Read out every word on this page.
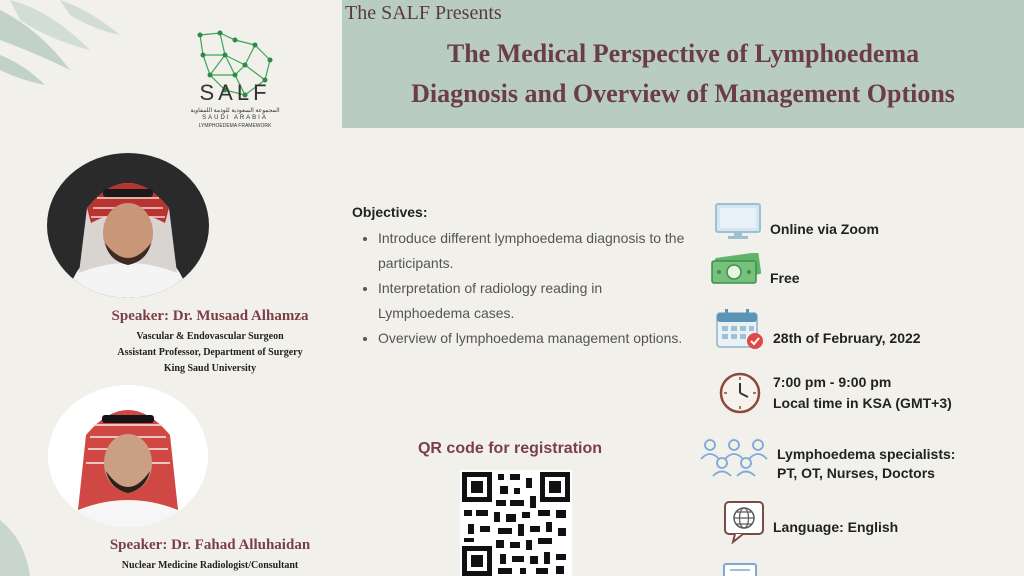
The SALF Presents
The Medical Perspective of Lymphoedema
Diagnosis and Overview of Management Options
SALF
المجموعة السعودية للوذمة اللمفاوية
SAUDI ARABIA
LYMPHOEDEMA FRAMEWORK
Speaker: Dr. Musaad Alhamza
Vascular & Endovascular Surgeon
Assistant Professor, Department of Surgery
King Saud University
Speaker: Dr. Fahad Alluhaidan
Nuclear Medicine Radiologist/Consultant
Objectives:
• Introduce different lymphoedema diagnosis to the participants.
• Interpretation of radiology reading in Lymphoedema cases.
• Overview of lymphoedema management options.
QR code for registration
Online via Zoom
Free
28th of February, 2022
7:00 pm - 9:00 pm
Local time in KSA (GMT+3)
Lymphoedema specialists:
PT, OT, Nurses, Doctors
Language: English
